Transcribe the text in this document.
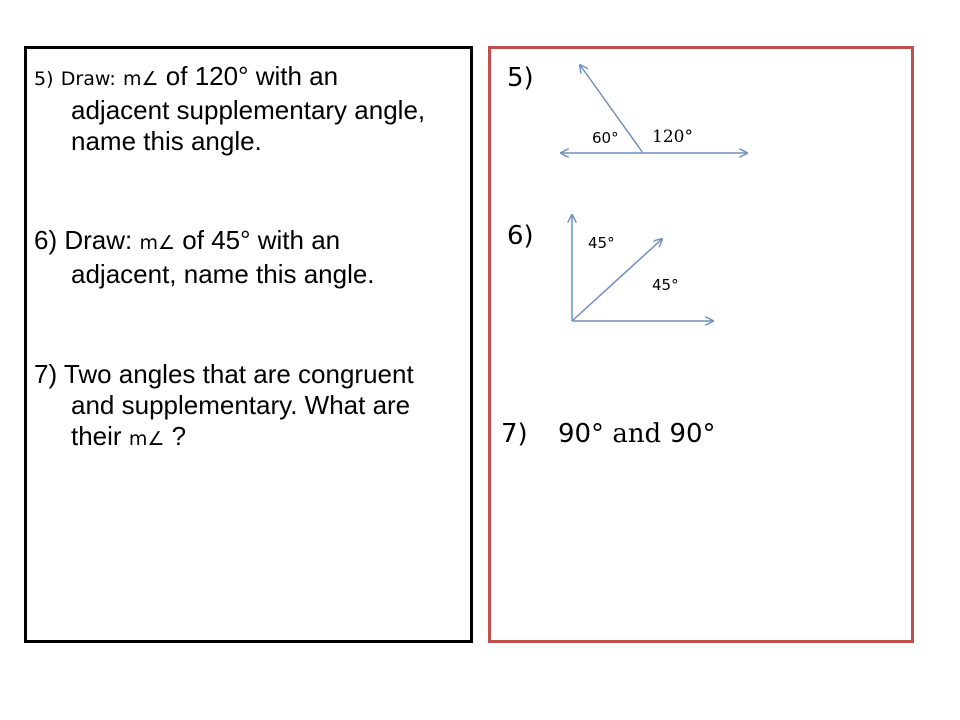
5) Draw: m∠ of 120° with an adjacent supplementary angle, name this angle.

6) Draw: m∠ of 45° with an adjacent, name this angle.

7) Two angles that are congruent and supplementary. What are their m∠ ?

5)
60° 120°
6)	45°
45°
7) 90° and 90°
